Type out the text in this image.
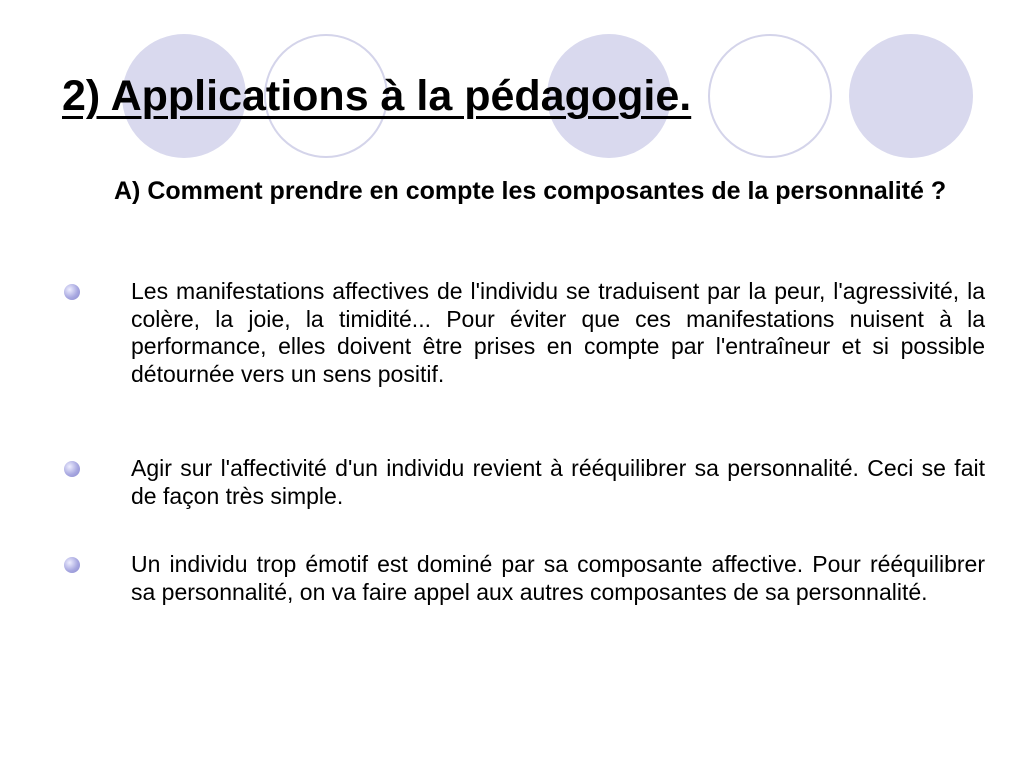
2) Applications à la pédagogie.

A) Comment prendre en compte les composantes de la personnalité ?

Les manifestations affectives de l'individu se traduisent par la peur, l'agressivité, la colère, la joie, la timidité... Pour éviter que ces manifestations nuisent à la performance, elles doivent être prises en compte par l'entraîneur et si possible détournée vers un sens positif.

Agir sur l'affectivité d'un individu revient à rééquilibrer sa personnalité. Ceci se fait de façon très simple.

Un individu trop émotif est dominé par sa composante affective. Pour rééquilibrer sa personnalité, on va faire appel aux autres composantes de sa personnalité.
